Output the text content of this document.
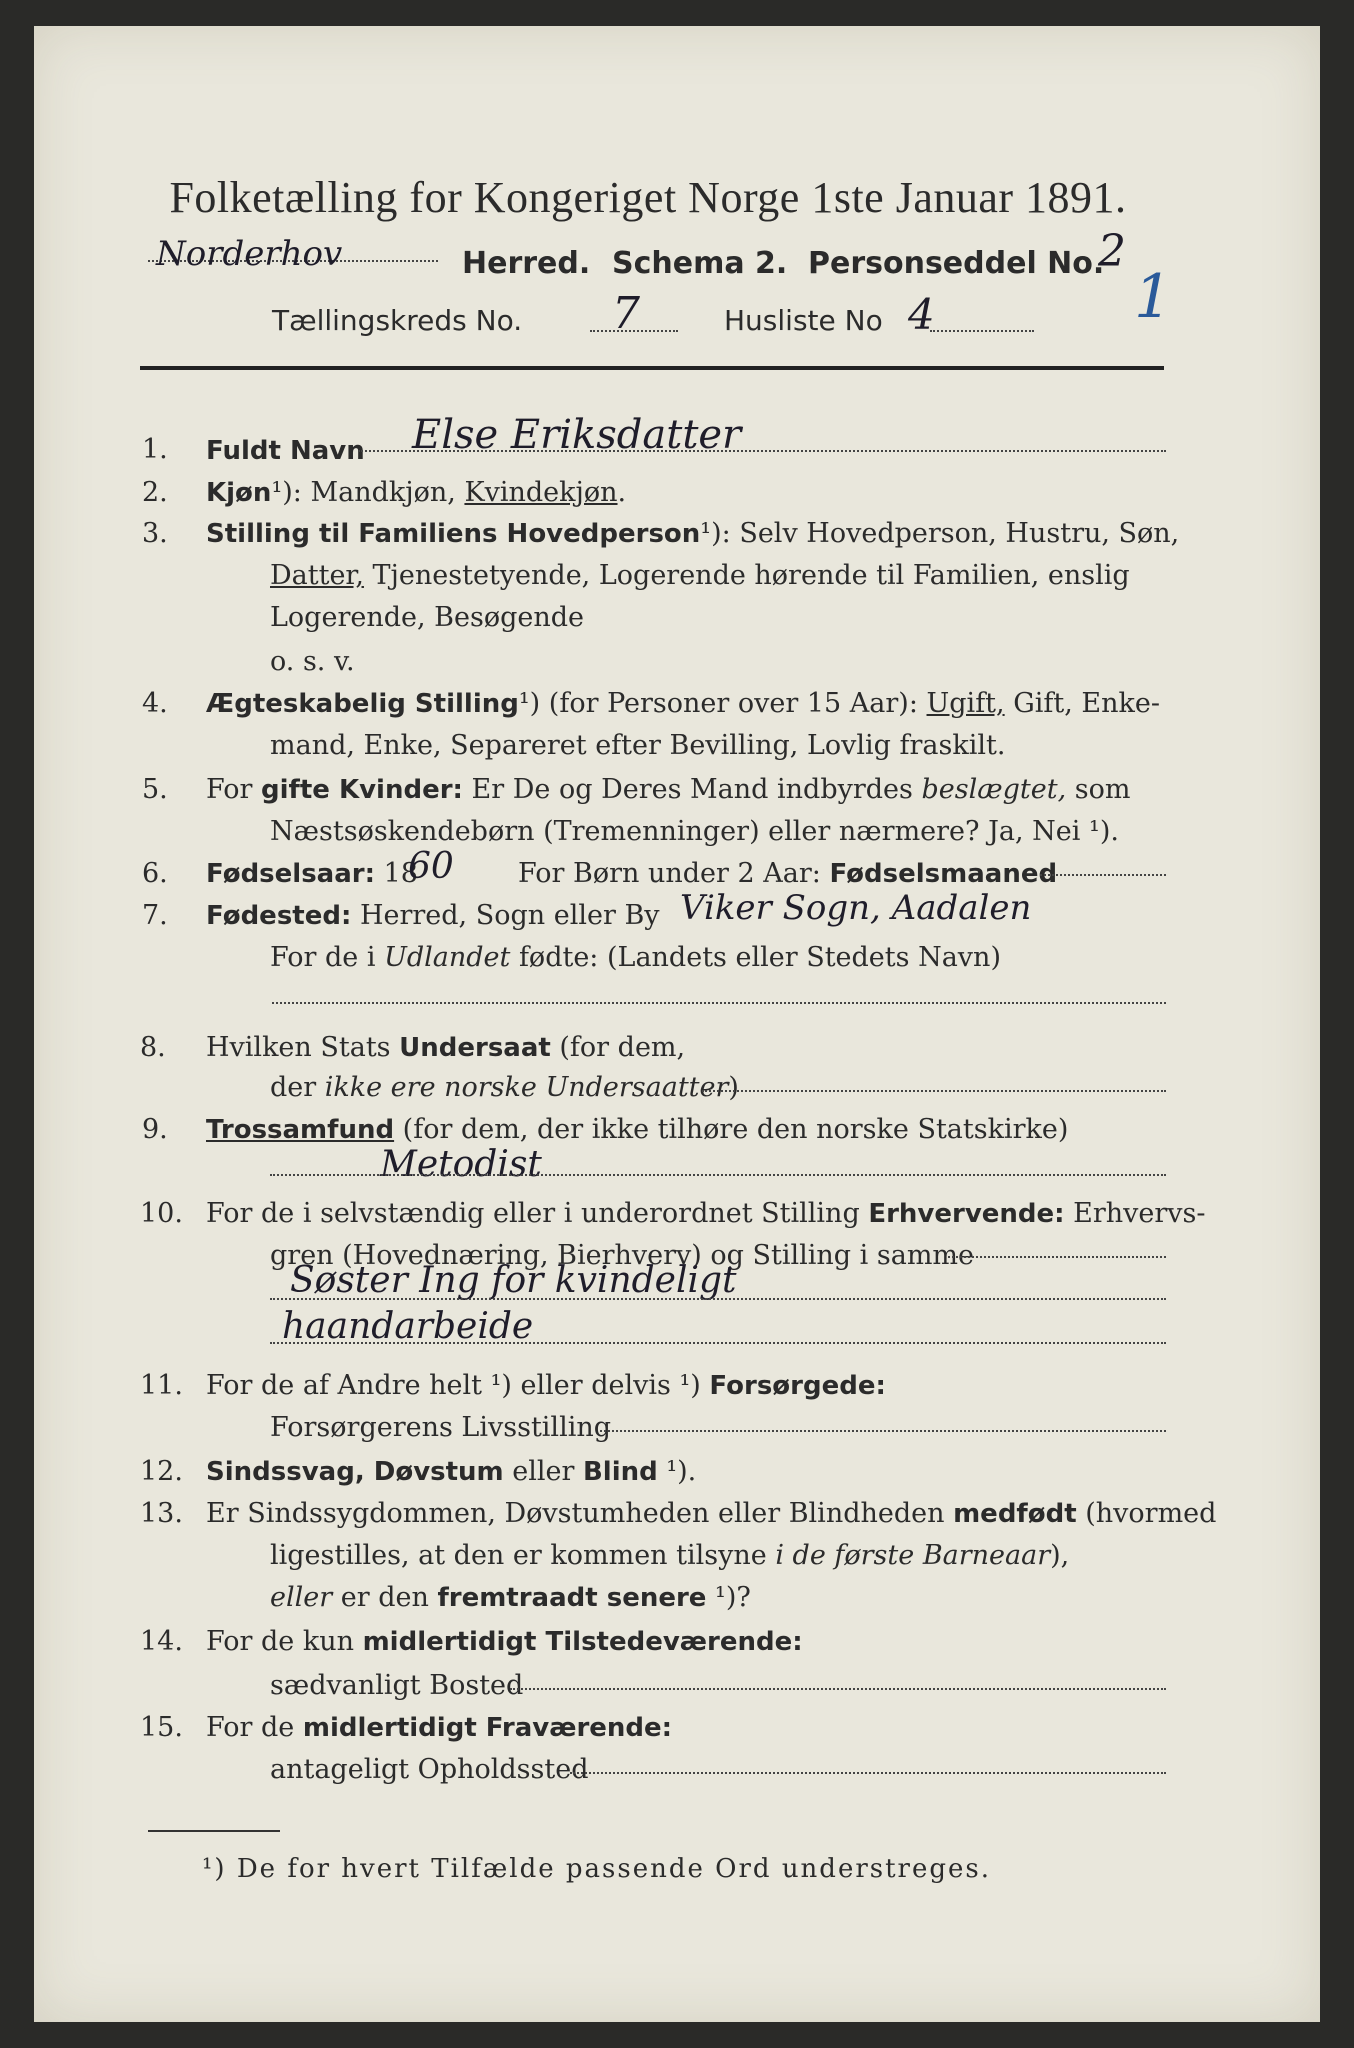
Folketælling for Kongeriget Norge 1ste Januar 1891.
Norderhov	Herred. Schema 2. Personseddel No.
2
Tællingskreds No. 7	Husliste No 4	1
1. Fuldt Navn Else Eriksdatter
2. Kjøn¹): Mandkjøn, Kvindekjøn.
3. Stilling til Familiens Hovedperson¹): Selv Hovedperson, Hustru, Søn,
Datter, Tjenestetyende, Logerende hørende til Familien, enslig
Logerende, Besøgende
o. s. v.
4. Ægteskabelig Stilling¹) (for Personer over 15 Aar): Ugift, Gift, Enke-
mand, Enke, Separeret efter Bevilling, Lovlig fraskilt.
5. For gifte Kvinder: Er De og Deres Mand indbyrdes beslægtet, som
Næstsøskendebørn (Tremenninger) eller nærmere? Ja, Nei ¹).
6. Fødselsaar: 18
60 For Børn under 2 Aar: Fødselsmaaned
7. Fødested: Herred, Sogn eller By Viker Sogn, Aadalen
For de i Udlandet fødte: (Landets eller Stedets Navn)
8. Hvilken Stats Undersaat (for dem,
der ikke ere norske Undersaatter)
9. Trossamfund (for dem, der ikke tilhøre den norske Statskirke)
Metodist
10. For de i selvstændig eller i underordnet Stilling Erhvervende: Erhvervs-
gren (Hovednæring, Bierhverv) og Stilling i samme
Søster Ing for kvindeligt
haandarbeide
11. For de af Andre helt ¹) eller delvis ¹) Forsørgede:
Forsørgerens Livsstilling
12. Sindssvag, Døvstum eller Blind ¹).
13. Er Sindssygdommen, Døvstumheden eller Blindheden medfødt (hvormed
ligestilles, at den er kommen tilsyne i de første Barneaar),
eller er den fremtraadt senere ¹)?
14. For de kun midlertidigt Tilstedeværende:
sædvanligt Bosted
15. For de midlertidigt Fraværende:
antageligt Opholdssted
¹) De for hvert Tilfælde passende Ord understreges.
